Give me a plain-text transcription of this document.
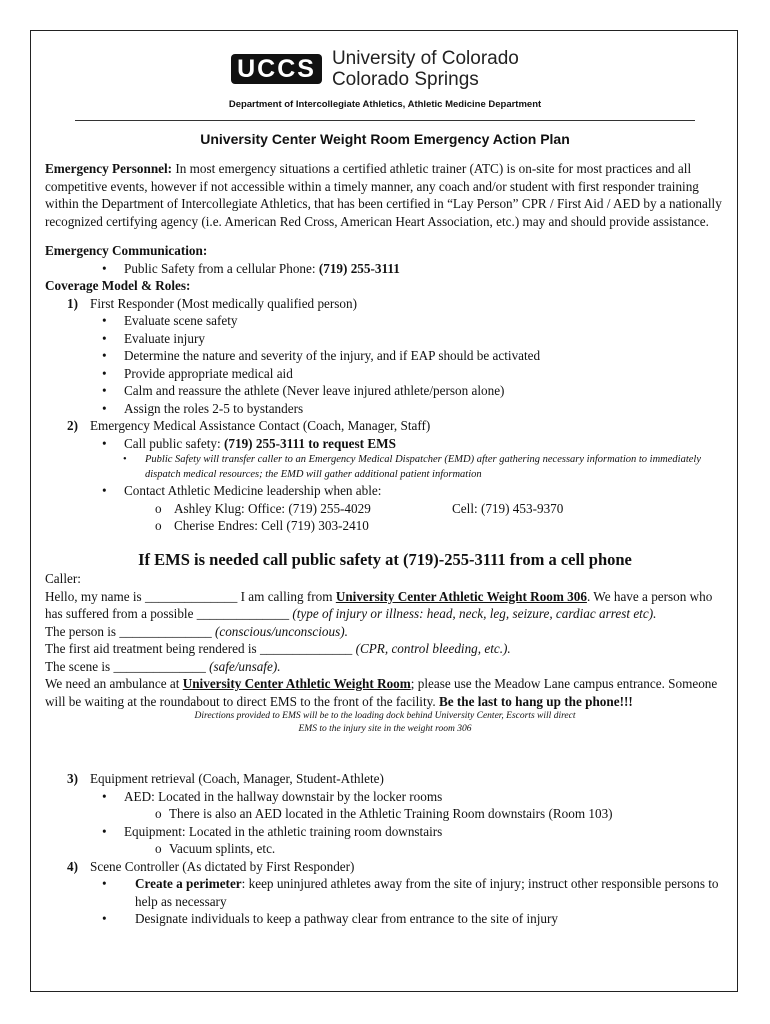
UCCS University of Colorado
Colorado Springs
Department of Intercollegiate Athletics, Athletic Medicine Department
University Center Weight Room Emergency Action Plan

Emergency Personnel: In most emergency situations a certified athletic trainer (ATC) is on-site for most practices and all competitive events, however if not accessible within a timely manner, any coach and/or student with first responder training within the Department of Intercollegiate Athletics, that has been certified in “Lay Person” CPR / First Aid / AED by a nationally recognized certifying agency (i.e. American Red Cross, American Heart Association, etc.) may and should provide assistance.

Emergency Communication:

• Public Safety from a cellular Phone: (719) 255-3111

Coverage Model & Roles:

1) First Responder (Most medically qualified person)
• Evaluate scene safety
• Evaluate injury
• Determine the nature and severity of the injury, and if EAP should be activated
• Provide appropriate medical aid
• Calm and reassure the athlete (Never leave injured athlete/person alone)
• Assign the roles 2-5 to bystanders
2) Emergency Medical Assistance Contact (Coach, Manager, Staff)
• Call public safety: (719) 255-3111 to request EMS
• Public Safety will transfer caller to an Emergency Medical Dispatcher (EMD) after gathering necessary information to immediately dispatch medical resources; the EMD will gather additional patient information
• Contact Athletic Medicine leadership when able:
o Ashley Klug: Office: (719) 255-4029	Cell: (719) 453-9370
o Cherise Endres: Cell (719) 303-2410
If EMS is needed call public safety at (719)-255-3111 from a cell phone

Caller:

Hello, my name is ______________ I am calling from University Center Athletic Weight Room 306. We have a person who has suffered from a possible ______________ (type of injury or illness: head, neck, leg, seizure, cardiac arrest etc).

The person is ______________ (conscious/unconscious).

The first aid treatment being rendered is ______________ (CPR, control bleeding, etc.).

The scene is ______________ (safe/unsafe).

We need an ambulance at University Center Athletic Weight Room; please use the Meadow Lane campus entrance. Someone will be waiting at the roundabout to direct EMS to the front of the facility. Be the last to hang up the phone!!!

Directions provided to EMS will be to the loading dock behind University Center, Escorts will direct
EMS to the injury site in the weight room 306
3) Equipment retrieval (Coach, Manager, Student-Athlete)
• AED: Located in the hallway downstair by the locker rooms
o There is also an AED located in the Athletic Training Room downstairs (Room 103)
• Equipment: Located in the athletic training room downstairs
o Vacuum splints, etc.
4) Scene Controller (As dictated by First Responder)
• Create a perimeter: keep uninjured athletes away from the site of injury; instruct other responsible persons to help as necessary
• Designate individuals to keep a pathway clear from entrance to the site of injury
